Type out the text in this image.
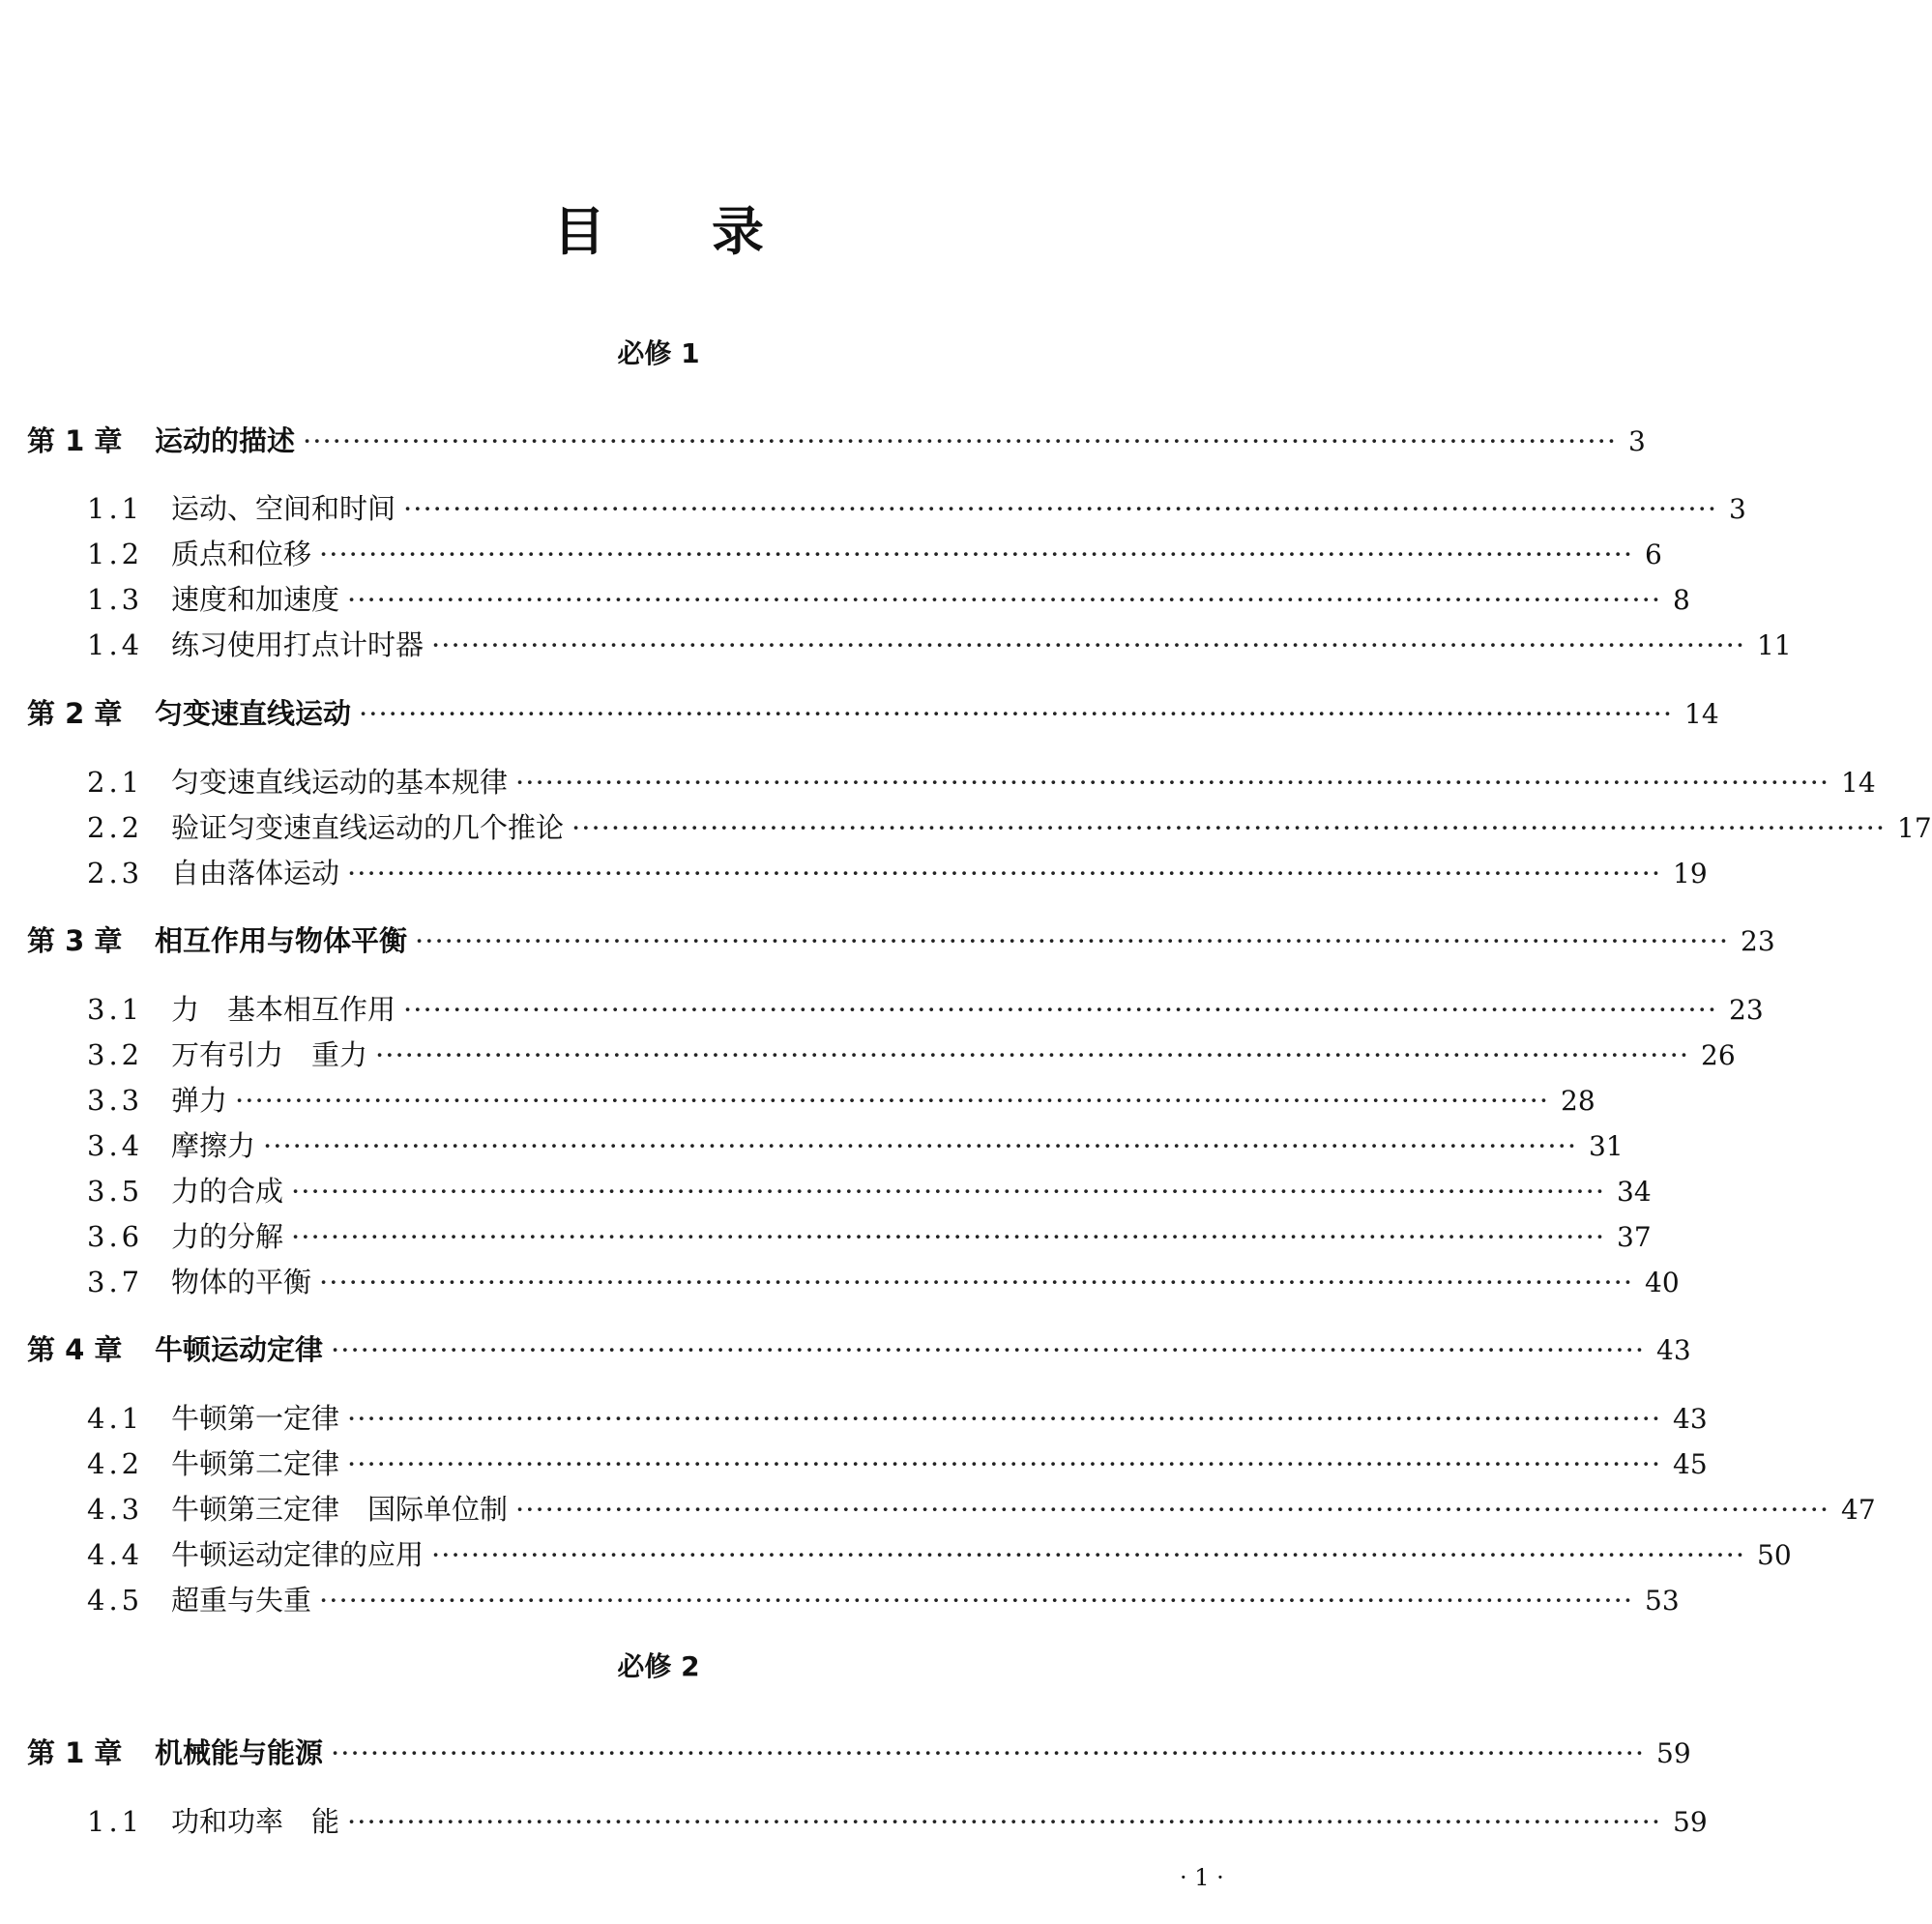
目录
必修 1
第 1 章	运动的描述 ····································································································································· 3
1.1 运动、空间和时间 ····································································································································· 3
1.2 质点和位移 ····································································································································· 6
1.3 速度和加速度 ····································································································································· 8
1.4 练习使用打点计时器 ····································································································································· 11
第 2 章	匀变速直线运动 ····································································································································· 14
2.1 匀变速直线运动的基本规律 ····································································································································· 14
2.2 验证匀变速直线运动的几个推论 ····································································································································· 17
2.3 自由落体运动 ····································································································································· 19
第 3 章	相互作用与物体平衡 ····································································································································· 23
3.1 力　基本相互作用 ····································································································································· 23
3.2 万有引力　重力 ····································································································································· 26
3.3 弹力 ····································································································································· 28
3.4 摩擦力 ····································································································································· 31
3.5 力的合成 ····································································································································· 34
3.6 力的分解 ····································································································································· 37
3.7 物体的平衡 ····································································································································· 40
第 4 章	牛顿运动定律 ····································································································································· 43
4.1 牛顿第一定律 ····································································································································· 43
4.2 牛顿第二定律 ····································································································································· 45
4.3 牛顿第三定律　国际单位制 ····································································································································· 47
4.4 牛顿运动定律的应用 ····································································································································· 50
4.5 超重与失重 ····································································································································· 53
必修 2
第 1 章	机械能与能源 ····································································································································· 59
1.1 功和功率　能 ····································································································································· 59
· 1 ·
